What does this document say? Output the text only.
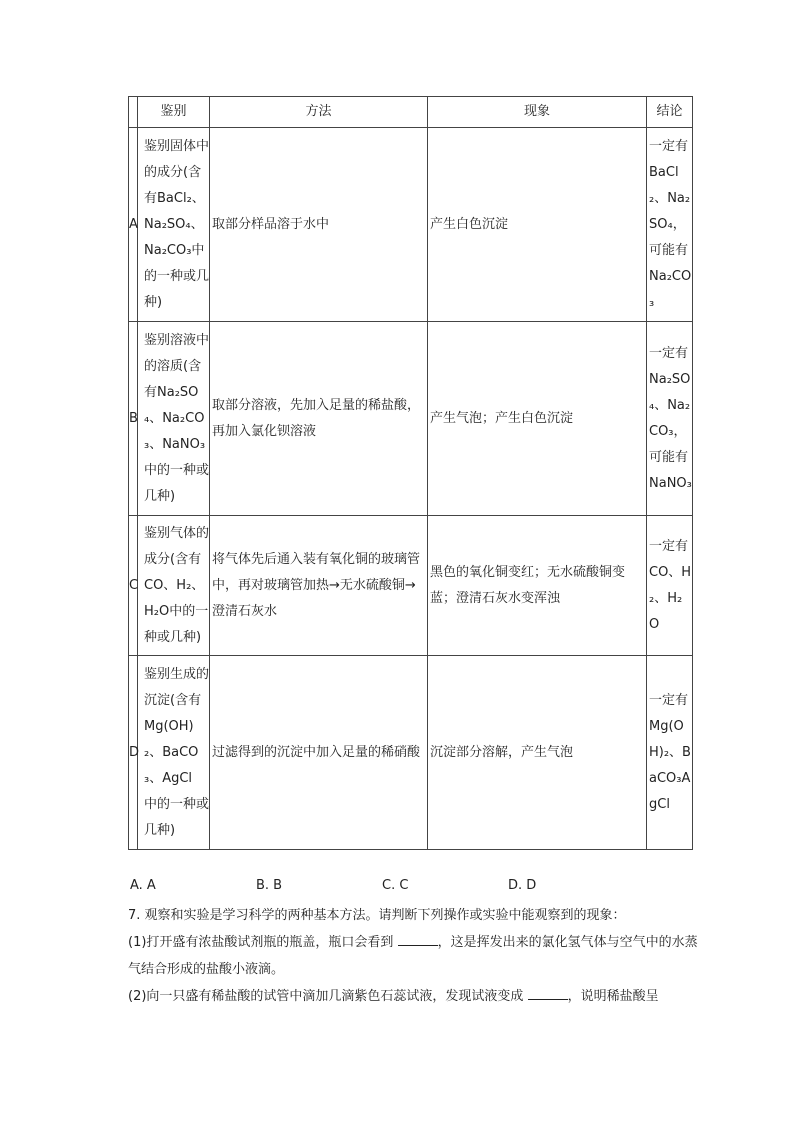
	鉴别	方法	现象	结论
A	鉴别固体中的成分(含有BaCl₂、Na₂SO₄、Na₂CO₃中的一种或几种)	取部分样品溶于水中	产生白色沉淀	一定有BaCl₂、Na₂SO₄，可能有Na₂CO₃
B	鉴别溶液中的溶质(含有Na₂SO₄、Na₂CO₃、NaNO₃中的一种或几种)	取部分溶液，先加入足量的稀盐酸，再加入氯化钡溶液	产生气泡；产生白色沉淀	一定有Na₂SO₄、Na₂CO₃，可能有NaNO₃
C	鉴别气体的成分(含有CO、H₂、H₂O中的一种或几种)	将气体先后通入装有氧化铜的玻璃管中，再对玻璃管加热→无水硫酸铜→澄清石灰水	黑色的氧化铜变红；无水硫酸铜变蓝；澄清石灰水变浑浊	一定有CO、H₂、H₂O
D	鉴别生成的沉淀(含有Mg(OH)₂、BaCO₃、AgCl 中的一种或几种)	过滤得到的沉淀中加入足量的稀硝酸	沉淀部分溶解，产生气泡	一定有Mg(OH)₂、BaCO₃AgCl
A. A	B. B	C. C	D. D
7. 观察和实验是学习科学的两种基本方法。请判断下列操作或实验中能观察到的现象：
(1)打开盛有浓盐酸试剂瓶的瓶盖，瓶口会看到	，这是挥发出来的氯化氢气体与空气中的水蒸气结合形成的盐酸小液滴。
(2)向一只盛有稀盐酸的试管中滴加几滴紫色石蕊试液，发现试液变成	，说明稀盐酸呈
